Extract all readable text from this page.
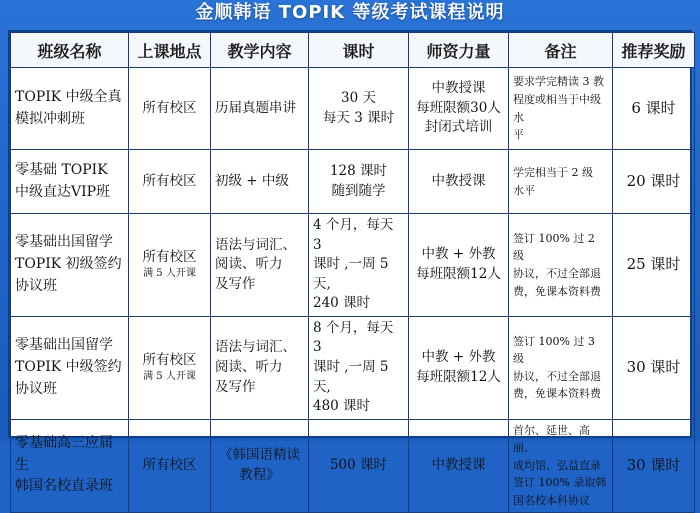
金顺韩语 TOPIK 等级考试课程说明
班级名称	上课地点	教学内容	课时	师资力量	备注	推荐奖励

TOPIK 中级全真
模拟冲刺班	所有校区	历届真题串讲	30 天
每天 3 课时	中教授课
每班限额30人
封闭式培训	要求学完精读 3 教
程度或相当于中级水
平	6 课时

零基础 TOPIK
中级直达VIP班	所有校区	初级 + 中级	128 课时
随到随学	中教授课	学完相当于 2 级
水平	20 课时

零基础出国留学
TOPIK 初级签约
协议班	所有校区
满 5 人开课	语法与词汇、
阅读、听力
及写作	4 个月，每天 3
课时 ,一周 5 天,
240 课时	中教 + 外教
每班限额12人	签订 100% 过 2 级
协议，不过全部退
费，免课本资料费	25 课时

零基础出国留学
TOPIK 中级签约
协议班	所有校区
满 5 人开课	语法与词汇、
阅读、听力
及写作	8 个月，每天 3
课时 ,一周 5 天,
480 课时	中教 + 外教
每班限额12人	签订 100% 过 3 级
协议，不过全部退
费，免课本资料费	30 课时

零基础高三应届生
韩国名校直录班	所有校区	《韩国语精读
教程》	500 课时	中教授课	首尔、延世、高丽、
成均馆、弘益直录
签订 100% 录取韩
国名校本科协议	30 课时
